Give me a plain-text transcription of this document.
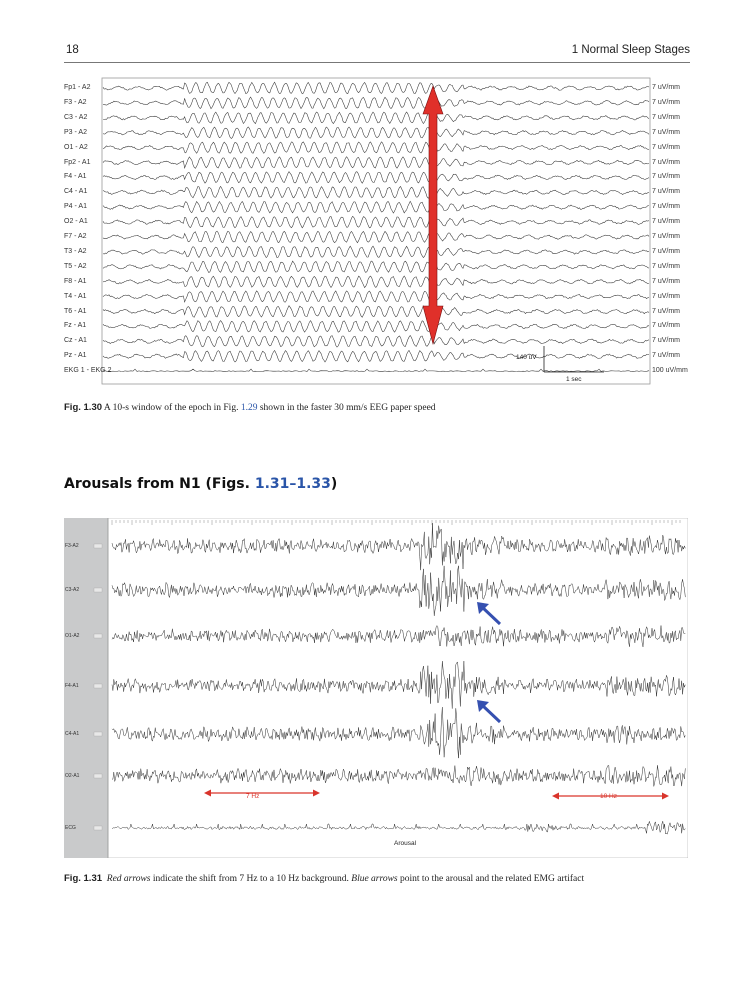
18	1 Normal Sleep Stages
140 uV
1 sec
Fp1 - A2	7 uV/mm
F3 - A2	7 uV/mm
C3 - A2	7 uV/mm
P3 - A2	7 uV/mm
O1 - A2	7 uV/mm
Fp2 - A1	7 uV/mm
F4 - A1	7 uV/mm
C4 - A1	7 uV/mm
P4 - A1	7 uV/mm
O2 - A1	7 uV/mm
F7 - A2	7 uV/mm
T3 - A2	7 uV/mm
T5 - A2	7 uV/mm
F8 - A1	7 uV/mm
T4 - A1	7 uV/mm
T6 - A1	7 uV/mm
Fz - A1	7 uV/mm
Cz - A1	7 uV/mm
Pz - A1	7 uV/mm
EKG 1 - EKG 2	100 uV/mm
Fig. 1.30 A 10-s window of the epoch in Fig. 1.29 shown in the faster 30 mm/s EEG paper speed
Arousals from N1 (Figs. 1.31–1.33)
F3-A2
C3-A2
O1-A2
F4-A1
C4-A1
O2-A1
ECG
7 Hz	10 Hz
Arousal
Fig. 1.31 Red arrows indicate the shift from 7 Hz to a 10 Hz background. Blue arrows point to the arousal and the related EMG artifact
